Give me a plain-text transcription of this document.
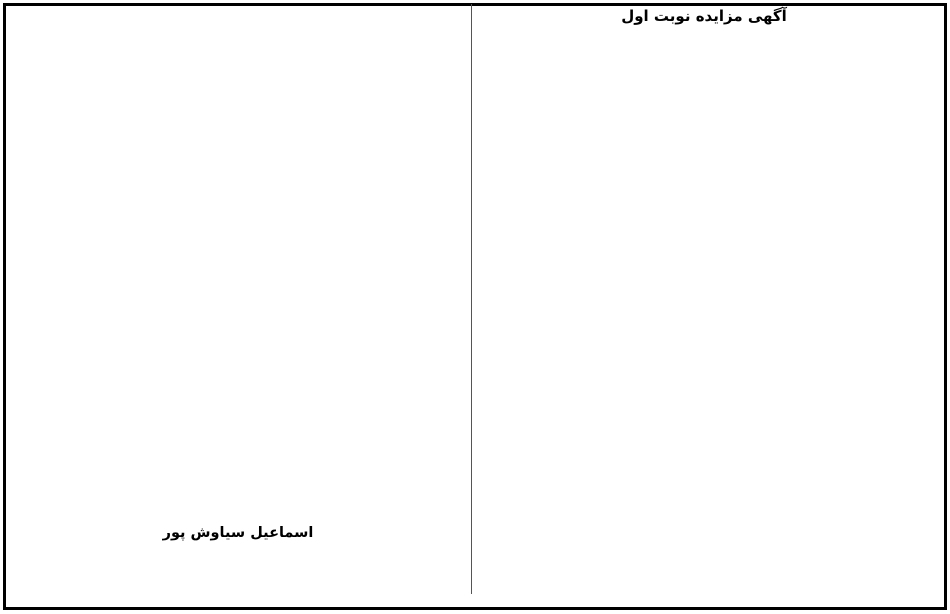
آگهی مزایده نوبت اول
اسماعیل سیاوش پور
